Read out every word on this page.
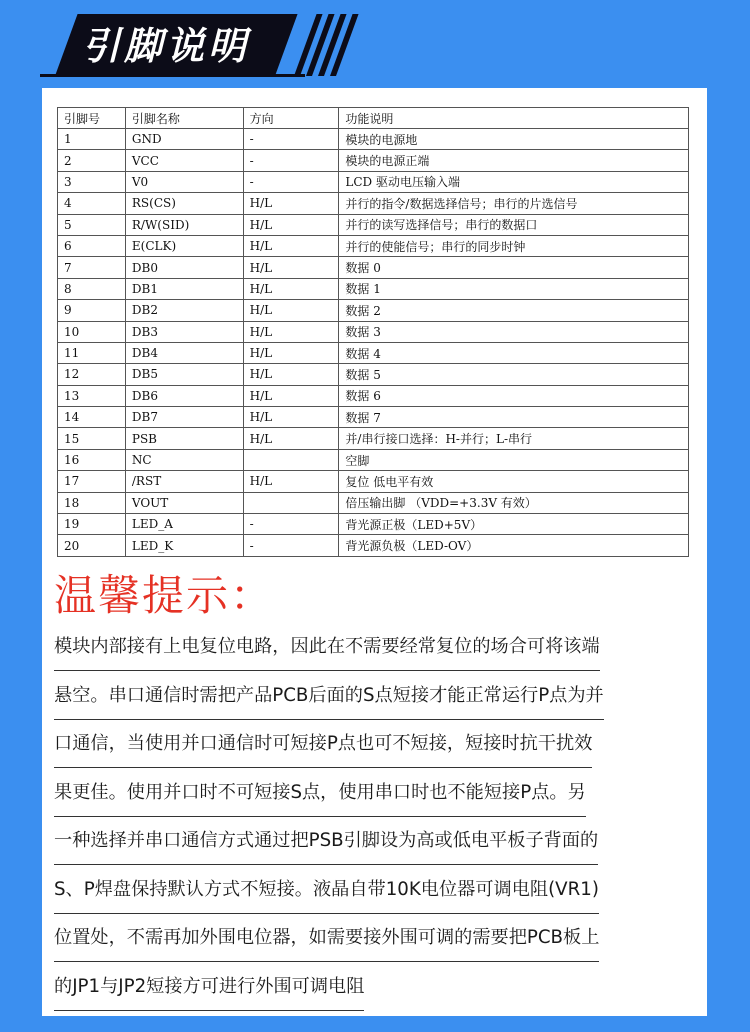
引脚说明
引脚号	引脚名称	方向	功能说明
1	GND	-	模块的电源地
2	VCC	-	模块的电源正端
3	V0	-	LCD 驱动电压输入端
4	RS(CS)	H/L	并行的指令/数据选择信号；串行的片选信号
5	R/W(SID)	H/L	并行的读写选择信号；串行的数据口
6	E(CLK)	H/L	并行的使能信号；串行的同步时钟
7	DB0	H/L	数据 0
8	DB1	H/L	数据 1
9	DB2	H/L	数据 2
10	DB3	H/L	数据 3
11	DB4	H/L	数据 4
12	DB5	H/L	数据 5
13	DB6	H/L	数据 6
14	DB7	H/L	数据 7
15	PSB	H/L	并/串行接口选择：H-并行；L-串行
16	NC		空脚
17	/RST	H/L	复位 低电平有效
18	VOUT		倍压输出脚 （VDD=+3.3V 有效）
19	LED_A	-	背光源正极（LED+5V）
20	LED_K	-	背光源负极（LED-OV）
温馨提示：
模块内部接有上电复位电路，因此在不需要经常复位的场合可将该端悬空。串口通信时需把产品PCB后面的S点短接才能正常运行P点为并口通信，当使用并口通信时可短接P点也可不短接，短接时抗干扰效果更佳。使用并口时不可短接S点，使用串口时也不能短接P点。另一种选择并串口通信方式通过把PSB引脚设为高或低电平板子背面的S、P焊盘保持默认方式不短接。液晶自带10K电位器可调电阻(VR1)位置处，不需再加外围电位器，如需要接外围可调的需要把PCB板上的JP1与JP2短接方可进行外围可调电阻
